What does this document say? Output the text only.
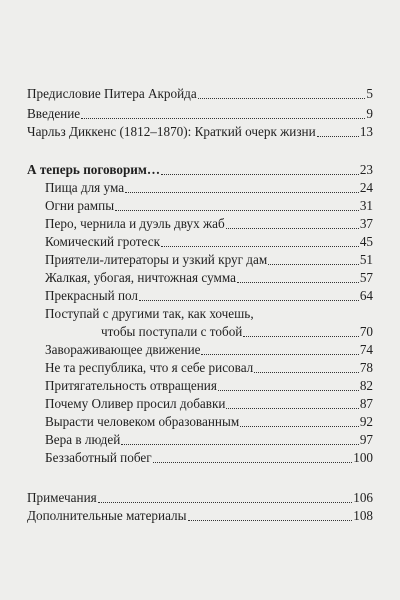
Предисловие Питера Акройда	5
Введение	9
Чарльз Диккенс (1812–1870): Краткий очерк жизни	13
А теперь поговорим…	23
Пища для ума	24
Огни рампы	31
Перо, чернила и дуэль двух жаб	37
Комический гротеск	45
Приятели-литераторы и узкий круг дам	51
Жалкая, убогая, ничтожная сумма	57
Прекрасный пол	64
Поступай с другими так, как хочешь,
чтобы поступали с тобой	70
Завораживающее движение	74
Не та республика, что я себе рисовал	78
Притягательность отвращения	82
Почему Оливер просил добавки	87
Вырасти человеком образованным	92
Вера в людей	97
Беззаботный побег	100
Примечания	106
Дополнительные материалы	108
